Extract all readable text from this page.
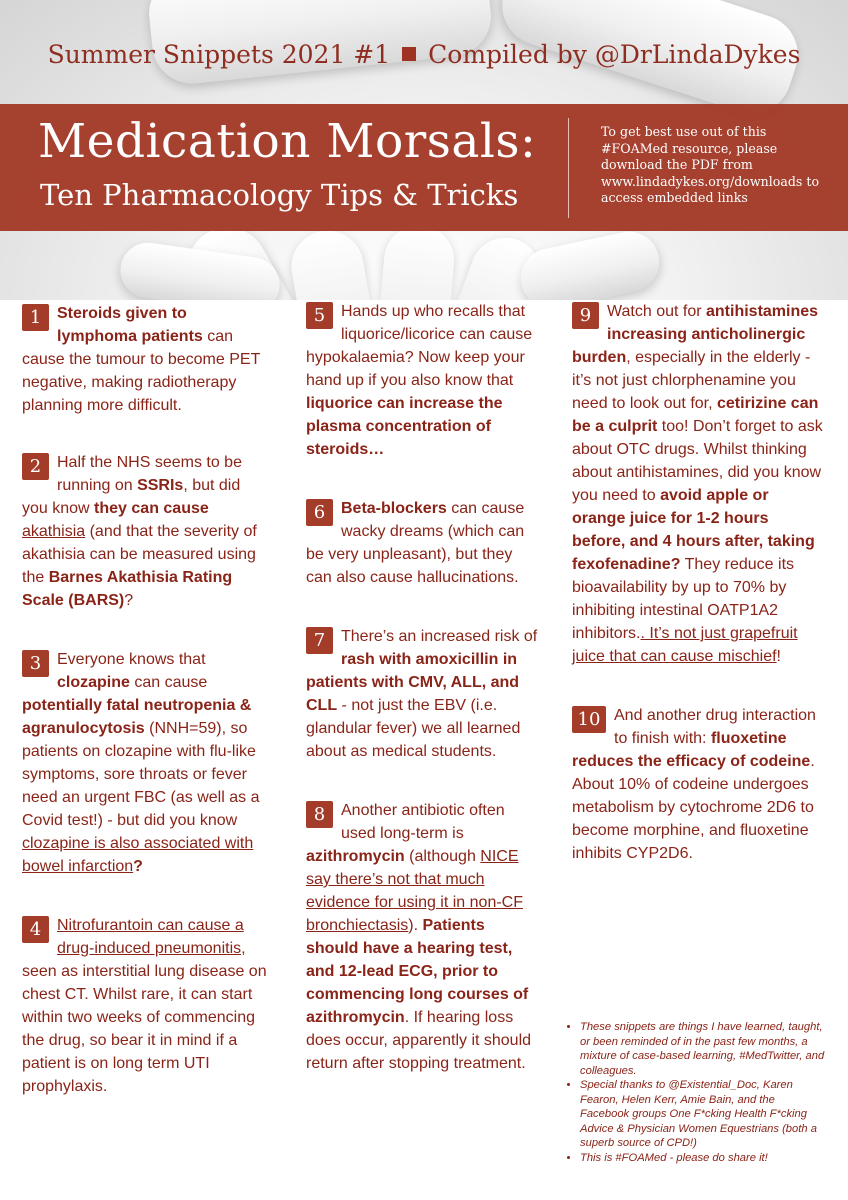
Summer Snippets 2021 #1 Compiled by @DrLindaDykes
Medication Morsals:
Ten Pharmacology Tips & Tricks
To get best use out of this #FOAMed resource, please download the PDF from www.lindadykes.org/downloads to access embedded links
1 Steroids given to lymphoma patients can cause the tumour to become PET negative, making radiotherapy planning more difficult.
2 Half the NHS seems to be running on SSRIs, but did you know they can cause akathisia (and that the severity of akathisia can be measured using the Barnes Akathisia Rating Scale (BARS)?
3 Everyone knows that clozapine can cause potentially fatal neutropenia & agranulocytosis (NNH=59), so patients on clozapine with flu-like symptoms, sore throats or fever need an urgent FBC (as well as a Covid test!) - but did you know clozapine is also associated with bowel infarction?
4 Nitrofurantoin can cause a drug-induced pneumonitis, seen as interstitial lung disease on chest CT. Whilst rare, it can start within two weeks of commencing the drug, so bear it in mind if a patient is on long term UTI prophylaxis.
5 Hands up who recalls that liquorice/licorice can cause hypokalaemia? Now keep your hand up if you also know that liquorice can increase the plasma concentration of steroids…
6 Beta-blockers can cause wacky dreams (which can be very unpleasant), but they can also cause hallucinations.
7 There’s an increased risk of rash with amoxicillin in patients with CMV, ALL, and CLL - not just the EBV (i.e. glandular fever) we all learned about as medical students.
8 Another antibiotic often used long-term is azithromycin (although NICE say there’s not that much evidence for using it in non-CF bronchiectasis). Patients should have a hearing test, and 12-lead ECG, prior to commencing long courses of azithromycin. If hearing loss does occur, apparently it should return after stopping treatment.
9 Watch out for antihistamines increasing anticholinergic burden, especially in the elderly - it’s not just chlorphenamine you need to look out for, cetirizine can be a culprit too! Don’t forget to ask about OTC drugs. Whilst thinking about antihistamines, did you know you need to avoid apple or orange juice for 1-2 hours before, and 4 hours after, taking fexofenadine? They reduce its bioavailability by up to 70% by inhibiting intestinal OATP1A2 inhibitors.. It’s not just grapefruit juice that can cause mischief!
10 And another drug interaction to finish with: fluoxetine reduces the efficacy of codeine. About 10% of codeine undergoes metabolism by cytochrome 2D6 to become morphine, and fluoxetine inhibits CYP2D6.
• These snippets are things I have learned, taught, or been reminded of in the past few months, a mixture of case-based learning, #MedTwitter, and colleagues.
• Special thanks to @Existential_Doc, Karen Fearon, Helen Kerr, Amie Bain, and the Facebook groups One F*cking Health F*cking Advice & Physician Women Equestrians (both a superb source of CPD!)
• This is #FOAMed - please do share it!
